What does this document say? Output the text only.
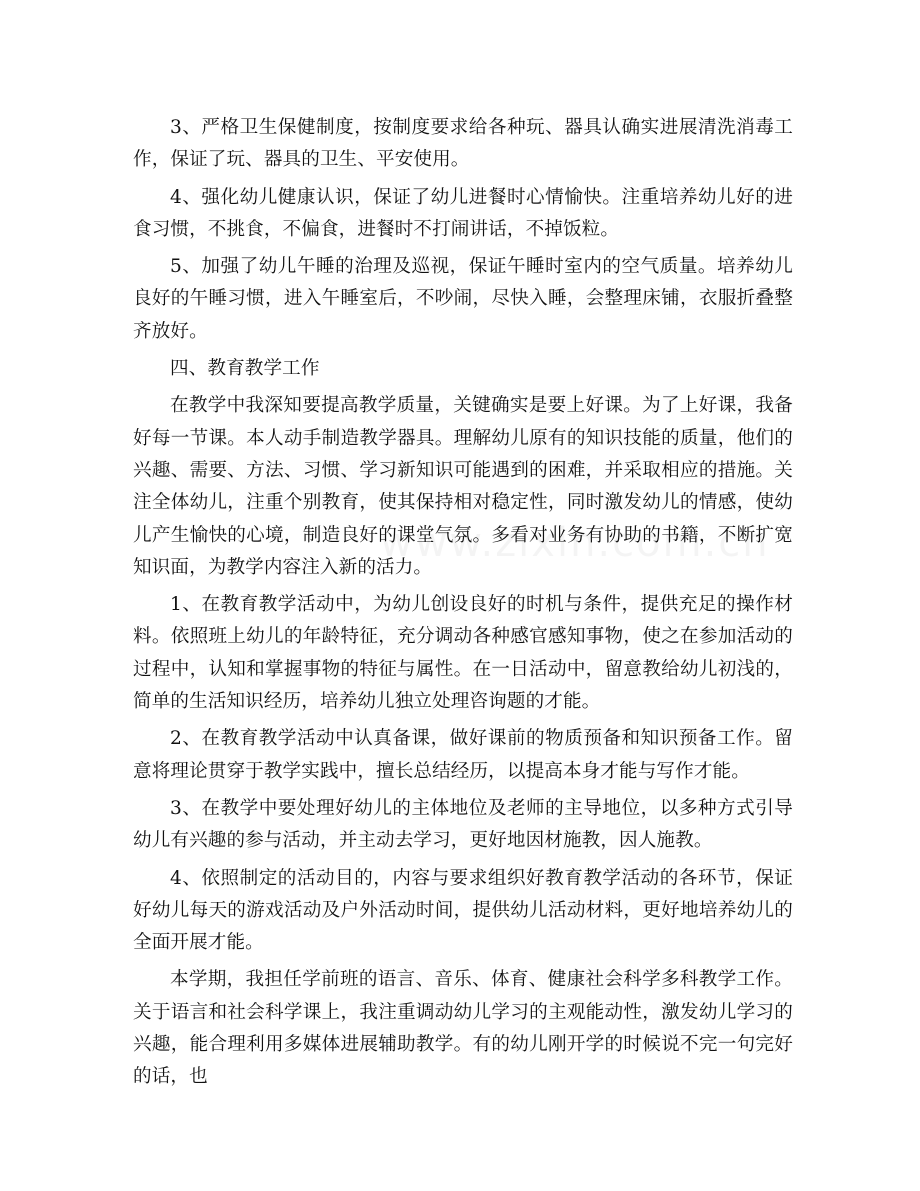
3、严格卫生保健制度，按制度要求给各种玩、器具认确实进展清洗消毒工作，保证了玩、器具的卫生、平安使用。

4、强化幼儿健康认识，保证了幼儿进餐时心情愉快。注重培养幼儿好的进食习惯，不挑食，不偏食，进餐时不打闹讲话，不掉饭粒。

5、加强了幼儿午睡的治理及巡视，保证午睡时室内的空气质量。培养幼儿良好的午睡习惯，进入午睡室后，不吵闹，尽快入睡，会整理床铺，衣服折叠整齐放好。

四、教育教学工作

在教学中我深知要提高教学质量，关键确实是要上好课。为了上好课，我备好每一节课。本人动手制造教学器具。理解幼儿原有的知识技能的质量，他们的兴趣、需要、方法、习惯、学习新知识可能遇到的困难，并采取相应的措施。关注全体幼儿，注重个别教育，使其保持相对稳定性，同时激发幼儿的情感，使幼儿产生愉快的心境，制造良好的课堂气氛。多看对业务有协助的书籍，不断扩宽知识面，为教学内容注入新的活力。

1、在教育教学活动中，为幼儿创设良好的时机与条件，提供充足的操作材料。依照班上幼儿的年龄特征，充分调动各种感官感知事物，使之在参加活动的过程中，认知和掌握事物的特征与属性。在一日活动中，留意教给幼儿初浅的，简单的生活知识经历，培养幼儿独立处理咨询题的才能。

2、在教育教学活动中认真备课，做好课前的物质预备和知识预备工作。留意将理论贯穿于教学实践中，擅长总结经历，以提高本身才能与写作才能。

3、在教学中要处理好幼儿的主体地位及老师的主导地位，以多种方式引导幼儿有兴趣的参与活动，并主动去学习，更好地因材施教，因人施教。

4、依照制定的活动目的，内容与要求组织好教育教学活动的各环节，保证好幼儿每天的游戏活动及户外活动时间，提供幼儿活动材料，更好地培养幼儿的全面开展才能。

本学期，我担任学前班的语言、音乐、体育、健康社会科学多科教学工作。关于语言和社会科学课上，我注重调动幼儿学习的主观能动性，激发幼儿学习的兴趣，能合理利用多媒体进展辅助教学。有的幼儿刚开学的时候说不完一句完好的话，也
